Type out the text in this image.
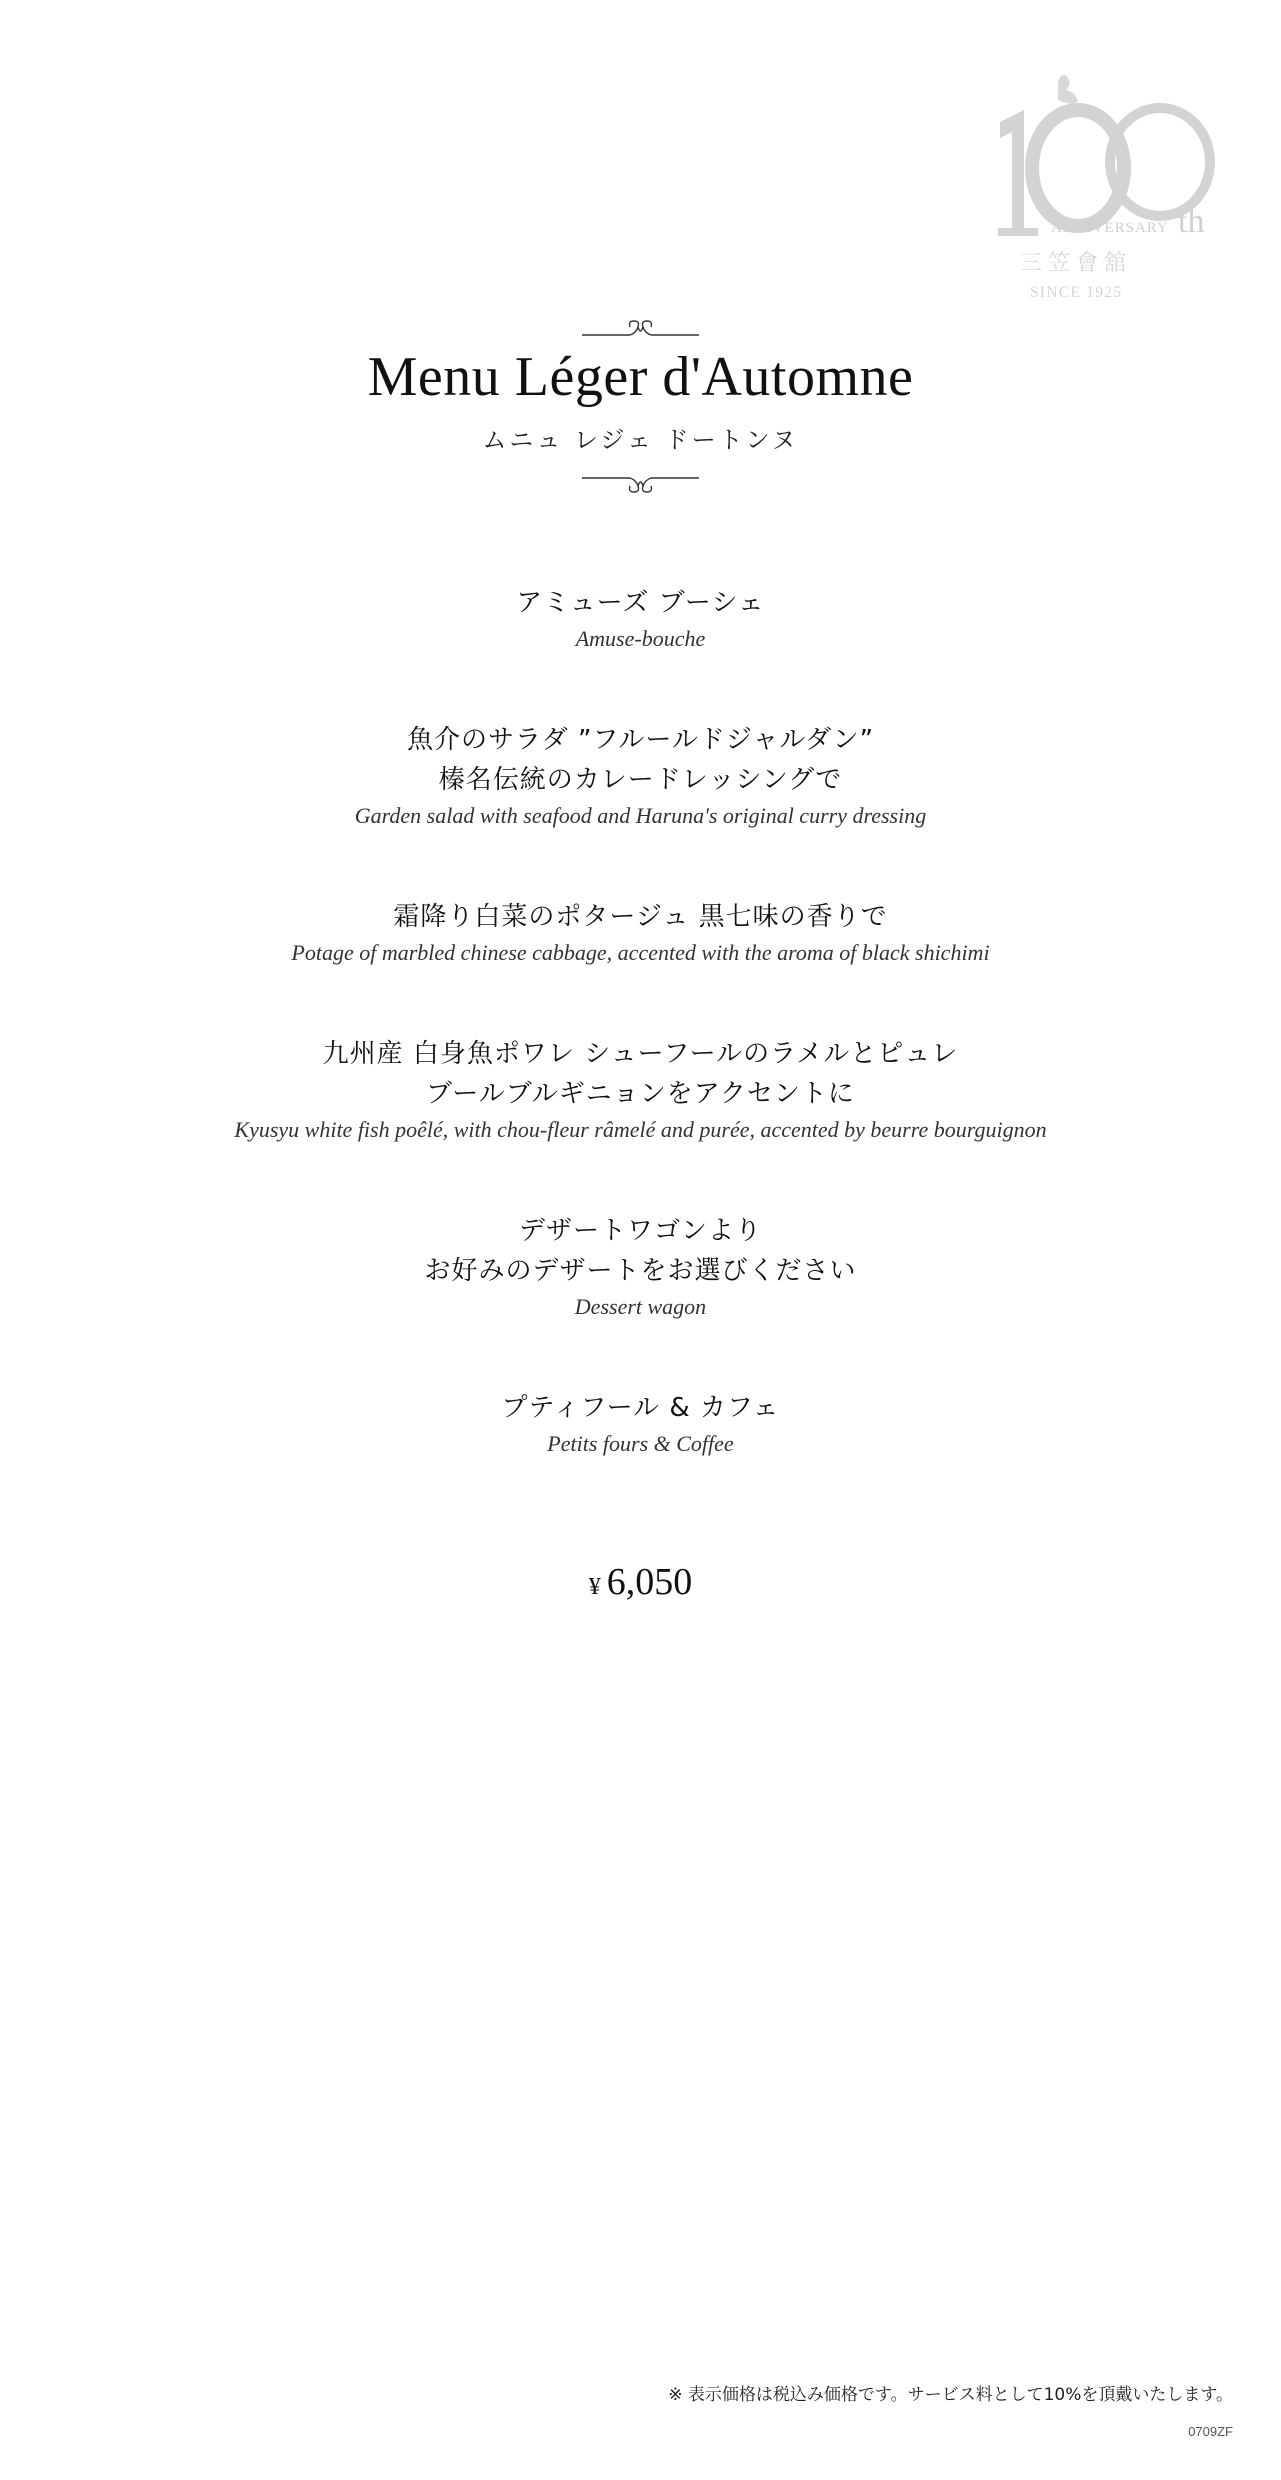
ANNIVERSARY th
三笠會舘
SINCE 1925
Menu Léger d'Automne
ムニュ レジェ ドートンヌ
アミューズ ブーシェ
Amuse-bouche
魚介のサラダ ”フルールドジャルダン”
榛名伝統のカレードレッシングで
Garden salad with seafood and Haruna's original curry dressing
霜降り白菜のポタージュ 黒七味の香りで
Potage of marbled chinese cabbage, accented with the aroma of black shichimi
九州産 白身魚ポワレ シューフールのラメルとピュレ
ブールブルギニョンをアクセントに
Kyusyu white fish poêlé, with chou-fleur râmelé and purée, accented by beurre bourguignon
デザートワゴンより
お好みのデザートをお選びください
Dessert wagon
プティフール & カフェ
Petits fours & Coffee
¥ 6,050
※ 表示価格は税込み価格です。サービス料として10%を頂戴いたします。
0709ZF
